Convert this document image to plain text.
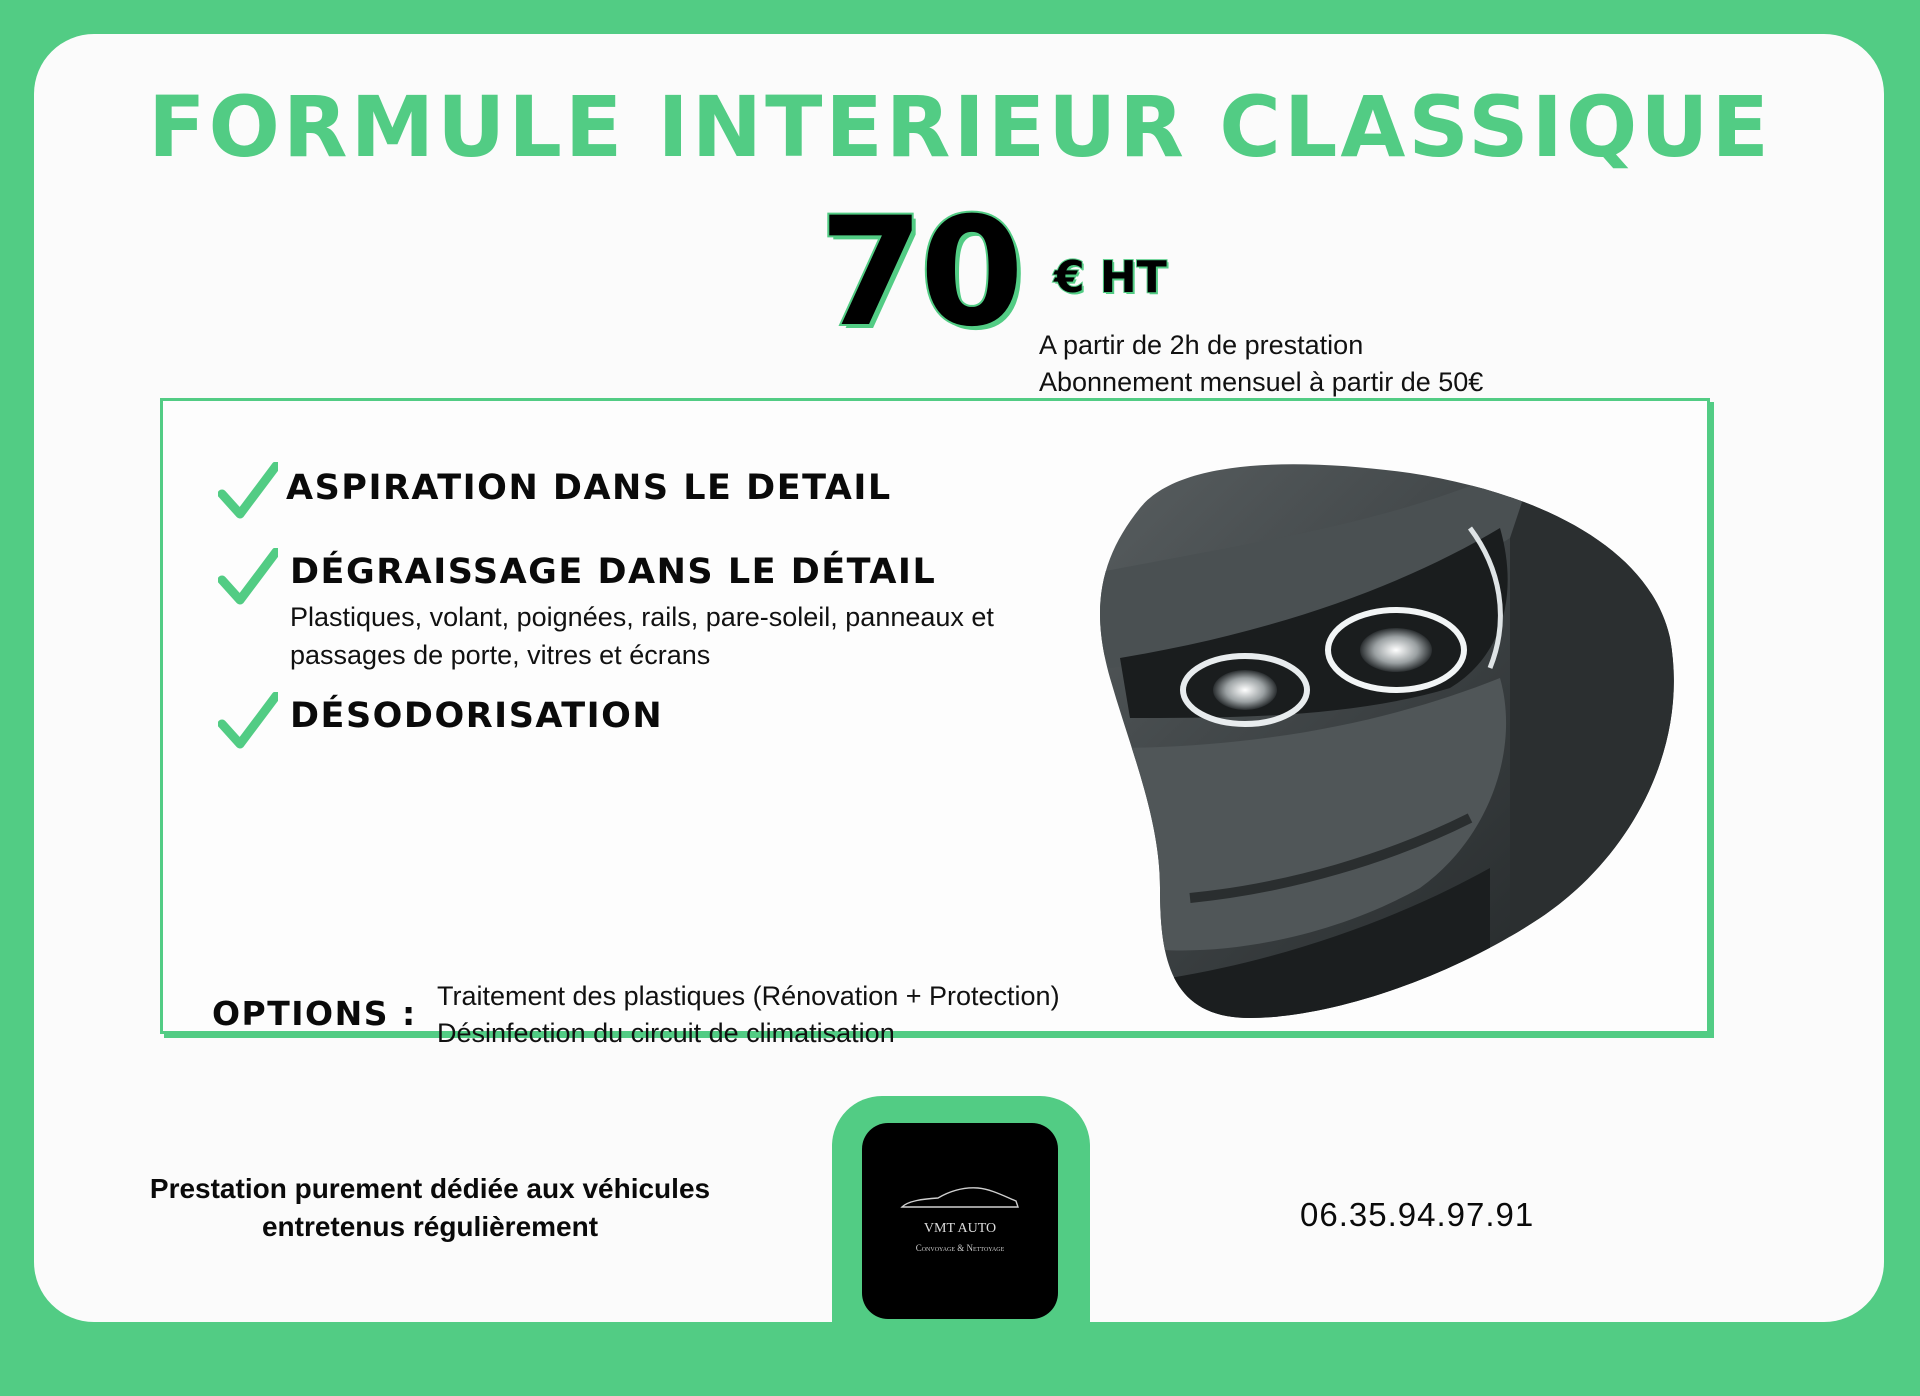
FORMULE INTERIEUR CLASSIQUE
70 € HT
A partir de 2h de prestation
Abonnement mensuel à partir de 50€
ASPIRATION DANS LE DETAIL
DÉGRAISSAGE DANS LE DÉTAIL
Plastiques, volant, poignées, rails, pare-soleil, panneaux et passages de porte, vitres et écrans
DÉSODORISATION
OPTIONS : Traitement des plastiques (Rénovation + Protection)
Désinfection du circuit de climatisation
Prestation purement dédiée aux véhicules entretenus régulièrement	VMT AUTO
Convoyage & Nettoyage
06.35.94.97.91
